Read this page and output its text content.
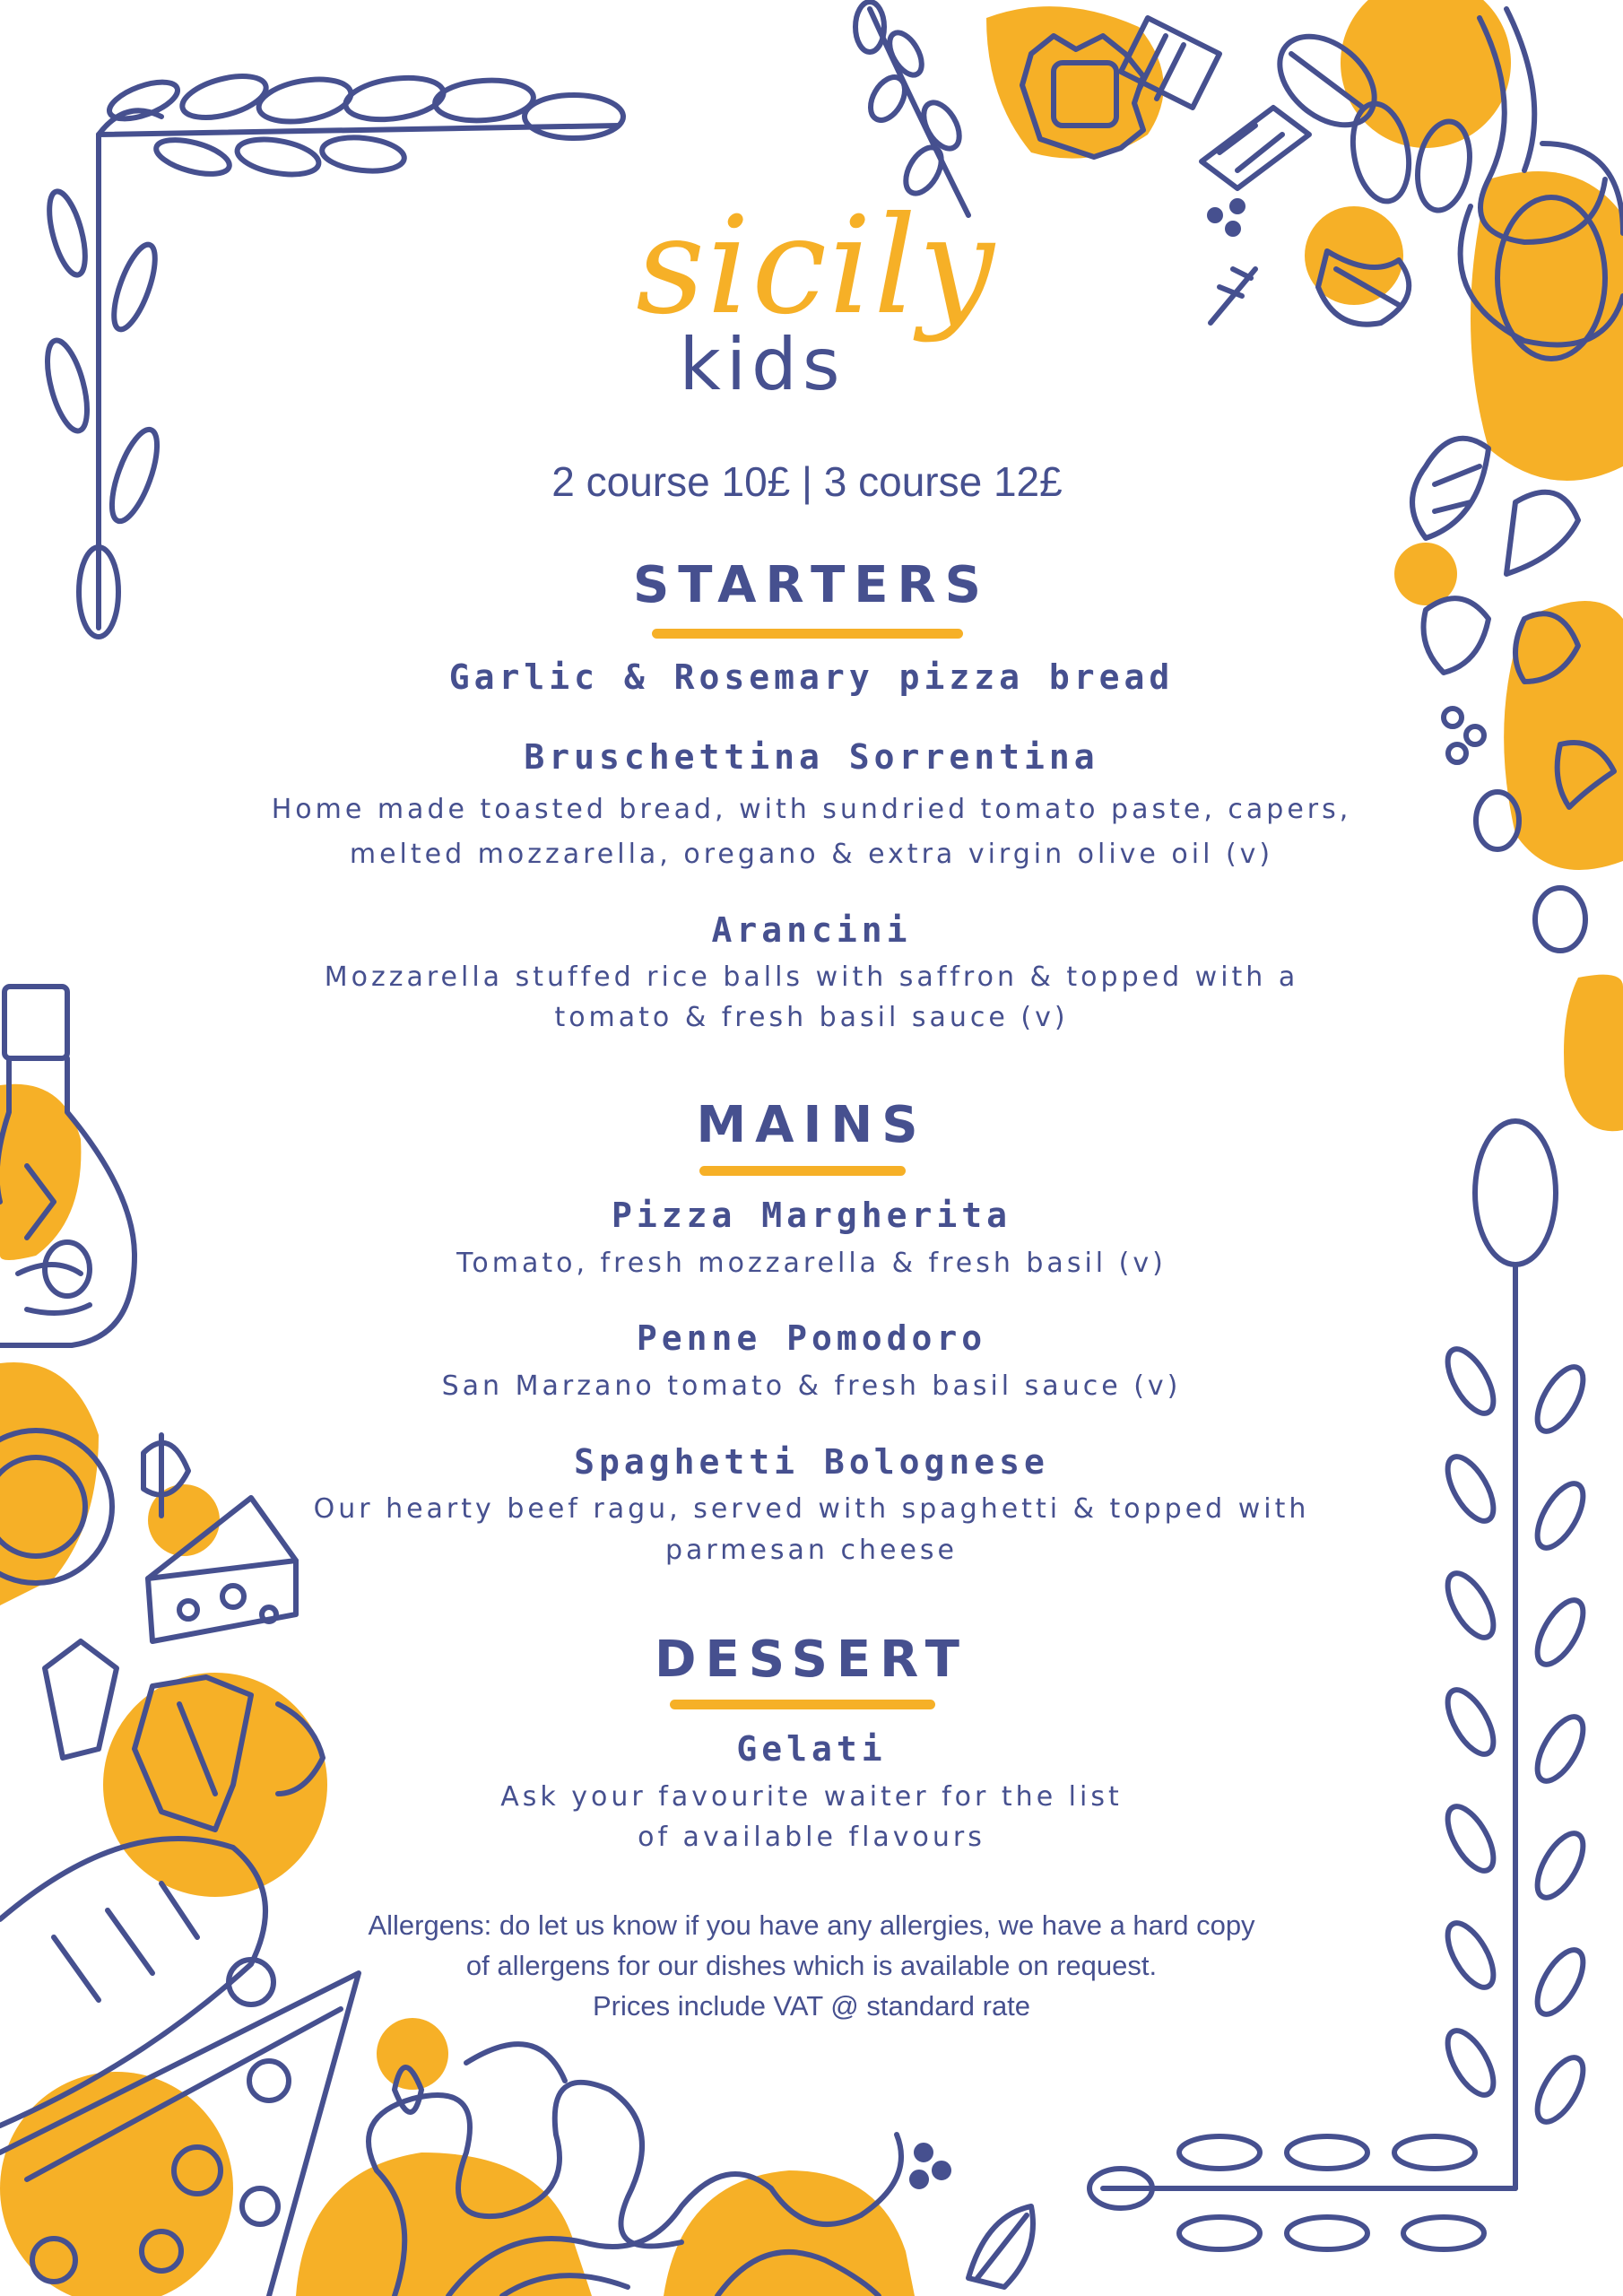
sicily
kids
2 course 10£ | 3 course 12£
STARTERS
Garlic & Rosemary pizza bread
Bruschettina Sorrentina
Home made toasted bread, with sundried tomato paste, capers,
melted mozzarella, oregano & extra virgin olive oil (v)
Arancini
Mozzarella stuffed rice balls with saffron & topped with a
tomato & fresh basil sauce (v)
MAINS
Pizza Margherita
Tomato, fresh mozzarella & fresh basil (v)
Penne Pomodoro
San Marzano tomato & fresh basil sauce (v)
Spaghetti Bolognese
Our hearty beef ragu, served with spaghetti & topped with
parmesan cheese
DESSERT
Gelati
Ask your favourite waiter for the list
of available flavours
Allergens: do let us know if you have any allergies, we have a hard copy
of allergens for our dishes which is available on request.
Prices include VAT @ standard rate
